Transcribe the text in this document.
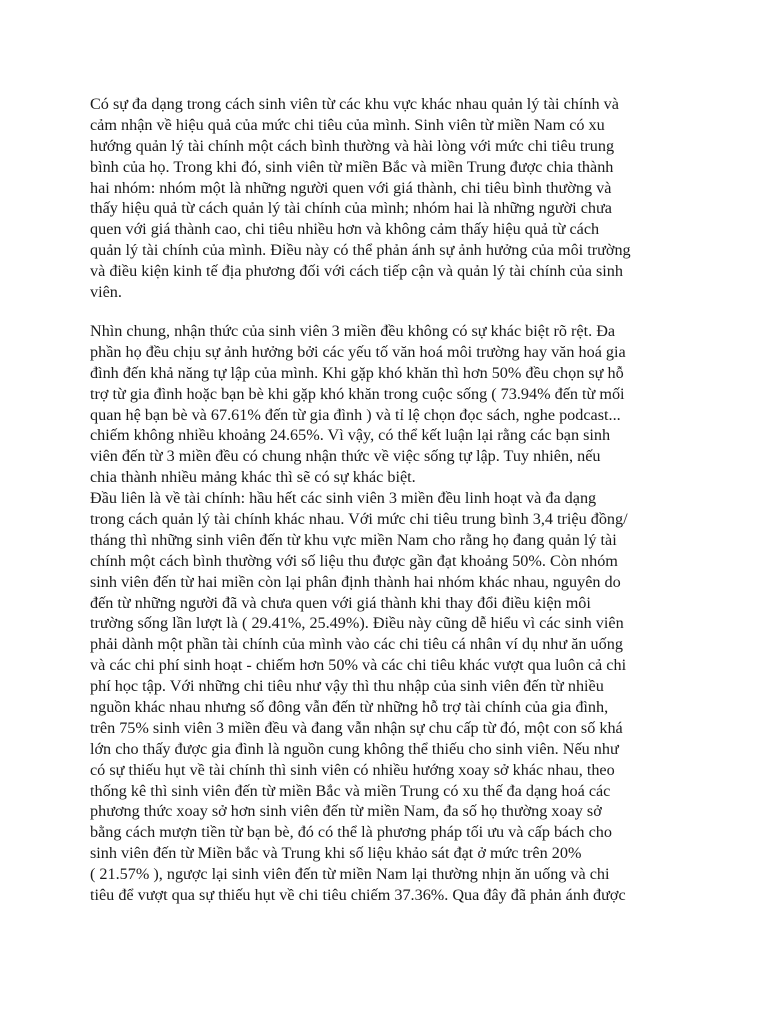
Có sự đa dạng trong cách sinh viên từ các khu vực khác nhau quản lý tài chính và
cảm nhận về hiệu quả của mức chi tiêu của mình. Sinh viên từ miền Nam có xu
hướng quản lý tài chính một cách bình thường và hài lòng với mức chi tiêu trung
bình của họ. Trong khi đó, sinh viên từ miền Bắc và miền Trung được chia thành
hai nhóm: nhóm một là những người quen với giá thành, chi tiêu bình thường và
thấy hiệu quả từ cách quản lý tài chính của mình; nhóm hai là những người chưa
quen với giá thành cao, chi tiêu nhiều hơn và không cảm thấy hiệu quả từ cách
quản lý tài chính của mình. Điều này có thể phản ánh sự ảnh hưởng của môi trường
và điều kiện kinh tế địa phương đối với cách tiếp cận và quản lý tài chính của sinh
viên.
Nhìn chung, nhận thức của sinh viên 3 miền đều không có sự khác biệt rõ rệt. Đa
phần họ đều chịu sự ảnh hưởng bởi các yếu tố văn hoá môi trường hay văn hoá gia
đình đến khả năng tự lập của mình. Khi gặp khó khăn thì hơn 50% đều chọn sự hỗ
trợ từ gia đình hoặc bạn bè khi gặp khó khăn trong cuộc sống ( 73.94% đến từ mối
quan hệ bạn bè và 67.61% đến từ gia đình ) và tỉ lệ chọn đọc sách, nghe podcast...
chiếm không nhiều khoảng 24.65%. Vì vậy, có thể kết luận lại rằng các bạn sinh
viên đến từ 3 miền đều có chung nhận thức về việc sống tự lập. Tuy nhiên, nếu
chia thành nhiều mảng khác thì sẽ có sự khác biệt.
Đầu liên là về tài chính: hầu hết các sinh viên 3 miền đều linh hoạt và đa dạng
trong cách quản lý tài chính khác nhau. Với mức chi tiêu trung bình 3,4 triệu đồng/
tháng thì những sinh viên đến từ khu vực miền Nam cho rằng họ đang quản lý tài
chính một cách bình thường với số liệu thu được gần đạt khoảng 50%. Còn nhóm
sinh viên đến từ hai miền còn lại phân định thành hai nhóm khác nhau, nguyên do
đến từ những người đã và chưa quen với giá thành khi thay đổi điều kiện môi
trường sống lần lượt là ( 29.41%, 25.49%). Điều này cũng dễ hiểu vì các sinh viên
phải dành một phần tài chính của mình vào các chi tiêu cá nhân ví dụ như ăn uống
và các chi phí sinh hoạt - chiếm hơn 50% và các chi tiêu khác vượt qua luôn cả chi
phí học tập. Với những chi tiêu như vậy thì thu nhập của sinh viên đến từ nhiều
nguồn khác nhau nhưng số đông vẫn đến từ những hỗ trợ tài chính của gia đình,
trên 75% sinh viên 3 miền đều và đang vẫn nhận sự chu cấp từ đó, một con số khá
lớn cho thấy được gia đình là nguồn cung không thể thiếu cho sinh viên. Nếu như
có sự thiếu hụt về tài chính thì sinh viên có nhiều hướng xoay sở khác nhau, theo
thống kê thì sinh viên đến từ miền Bắc và miền Trung có xu thế đa dạng hoá các
phương thức xoay sở hơn sinh viên đến từ miền Nam, đa số họ thường xoay sở
bằng cách mượn tiền từ bạn bè, đó có thể là phương pháp tối ưu và cấp bách cho
sinh viên đến từ Miền bắc và Trung khi số liệu khảo sát đạt ở mức trên 20%
( 21.57% ), ngược lại sinh viên đến từ miền Nam lại thường nhịn ăn uống và chi
tiêu để vượt qua sự thiếu hụt về chi tiêu chiếm 37.36%. Qua đây đã phản ánh được
